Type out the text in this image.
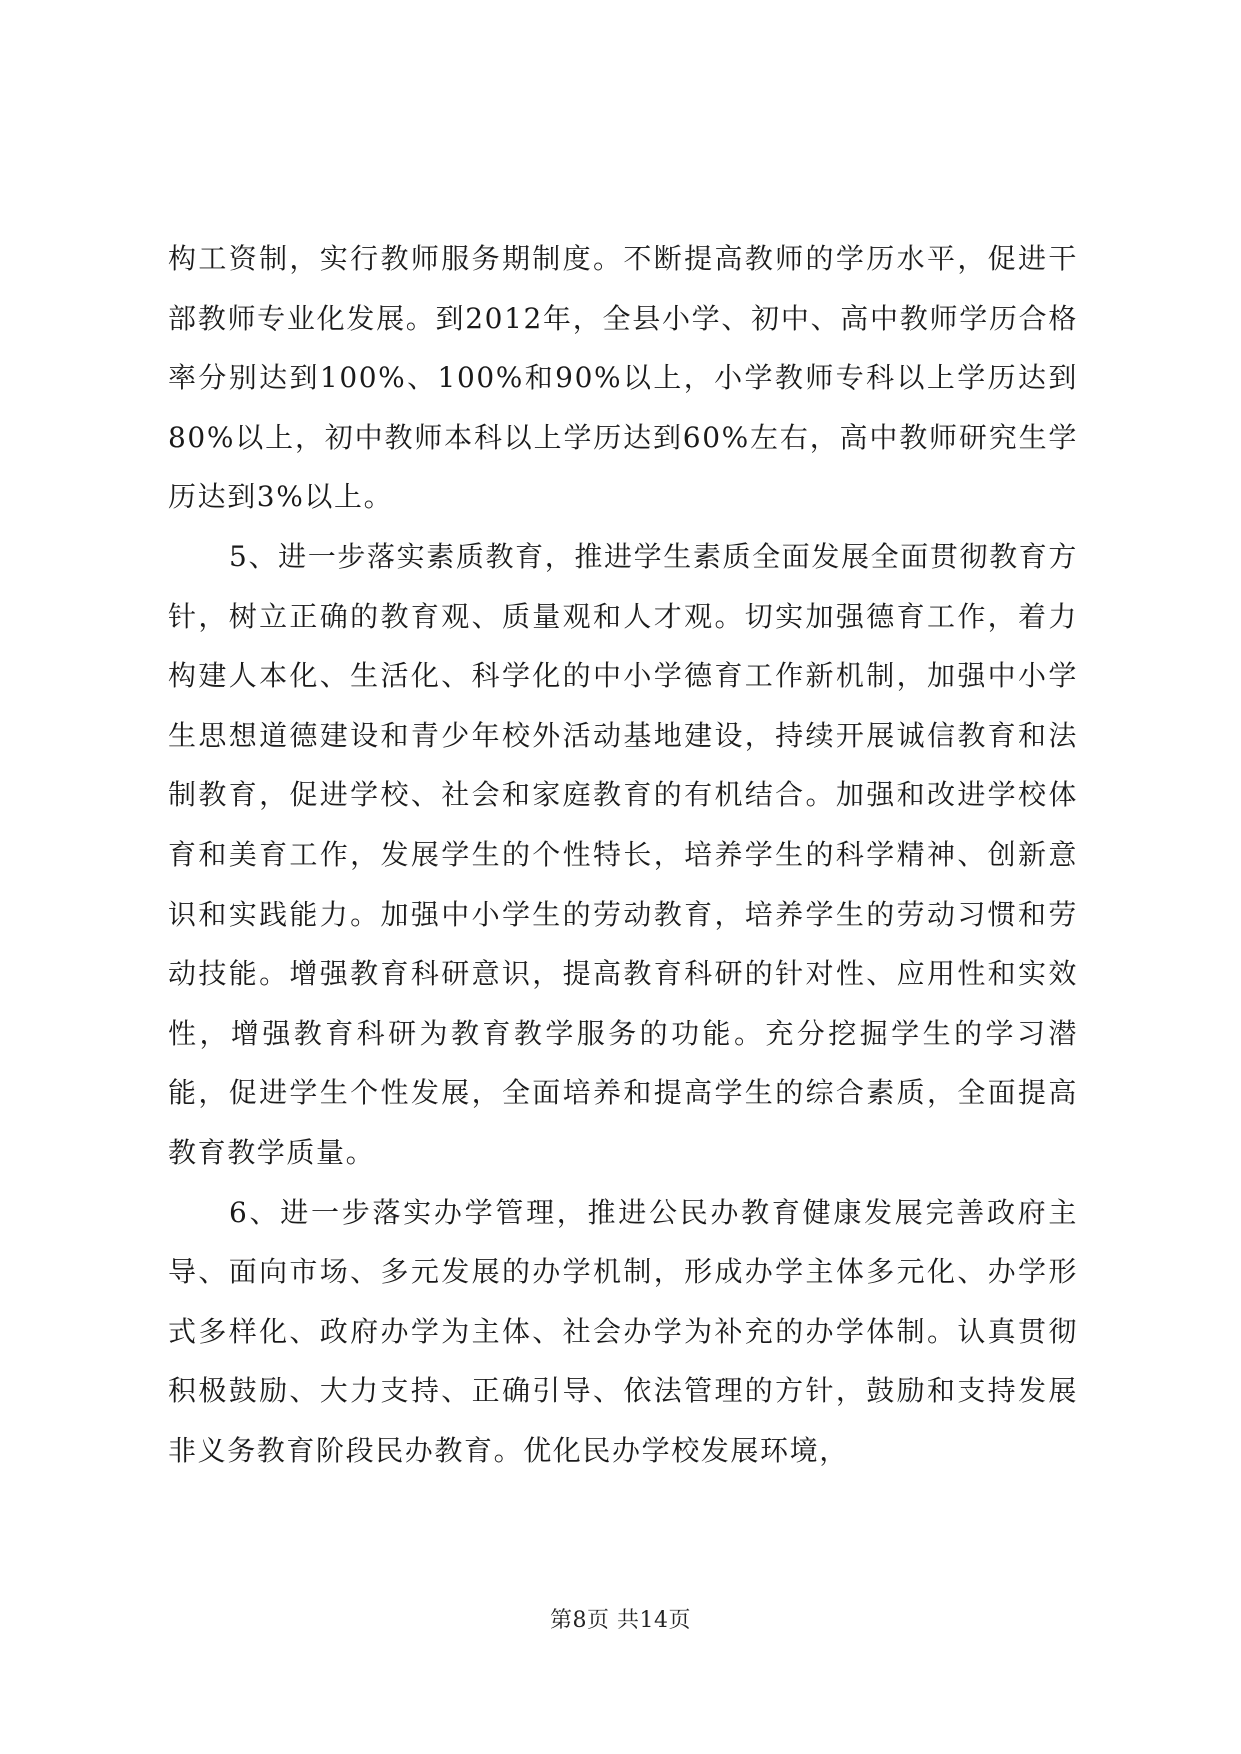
构工资制，实行教师服务期制度。不断提高教师的学历水平，促进干部教师专业化发展。到2012年，全县小学、初中、高中教师学历合格率分别达到100%、100%和90%以上，小学教师专科以上学历达到80%以上，初中教师本科以上学历达到60%左右，高中教师研究生学历达到3%以上。

5、进一步落实素质教育，推进学生素质全面发展全面贯彻教育方针，树立正确的教育观、质量观和人才观。切实加强德育工作，着力构建人本化、生活化、科学化的中小学德育工作新机制，加强中小学生思想道德建设和青少年校外活动基地建设，持续开展诚信教育和法制教育，促进学校、社会和家庭教育的有机结合。加强和改进学校体育和美育工作，发展学生的个性特长，培养学生的科学精神、创新意识和实践能力。加强中小学生的劳动教育，培养学生的劳动习惯和劳动技能。增强教育科研意识，提高教育科研的针对性、应用性和实效性，增强教育科研为教育教学服务的功能。充分挖掘学生的学习潜能，促进学生个性发展，全面培养和提高学生的综合素质，全面提高教育教学质量。

6、进一步落实办学管理，推进公民办教育健康发展完善政府主导、面向市场、多元发展的办学机制，形成办学主体多元化、办学形式多样化、政府办学为主体、社会办学为补充的办学体制。认真贯彻积极鼓励、大力支持、正确引导、依法管理的方针，鼓励和支持发展非义务教育阶段民办教育。优化民办学校发展环境，

第8页 共14页
